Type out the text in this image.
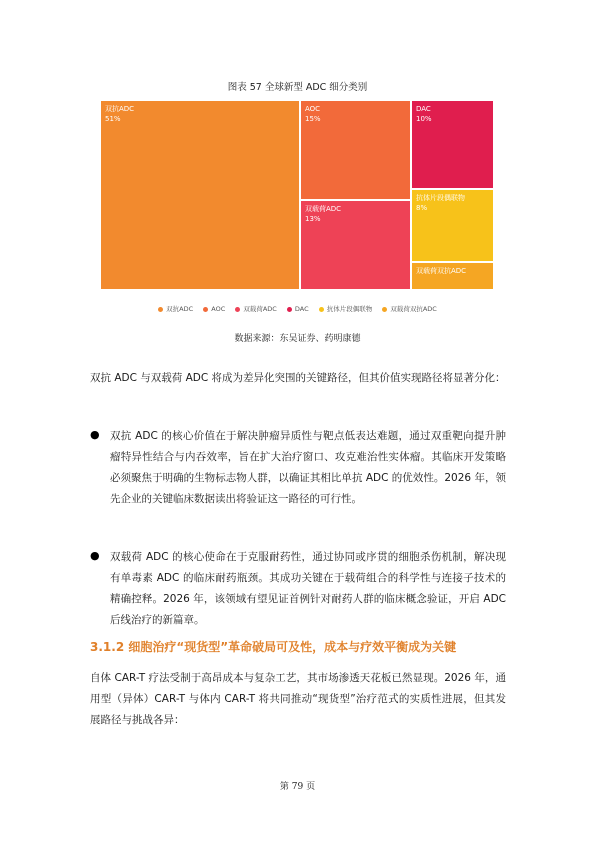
图表 57 全球新型 ADC 细分类别
双抗ADC
51%
AOC
15%
双载荷ADC
13%
DAC
10%
抗体片段偶联物
8%
双载荷双抗ADC
双抗ADC	AOC	双载荷ADC	DAC	抗体片段偶联物	双载荷双抗ADC
数据来源：东吴证券、药明康德
双抗 ADC 与双载荷 ADC 将成为差异化突围的关键路径，但其价值实现路径将显著分化：
● 双抗 ADC 的核心价值在于解决肿瘤异质性与靶点低表达难题，通过双重靶向提升肿瘤特异性结合与内吞效率，旨在扩大治疗窗口、攻克难治性实体瘤。其临床开发策略必须聚焦于明确的生物标志物人群，以确证其相比单抗 ADC 的优效性。2026 年，领先企业的关键临床数据读出将验证这一路径的可行性。
● 双载荷 ADC 的核心使命在于克服耐药性，通过协同或序贯的细胞杀伤机制，解决现有单毒素 ADC 的临床耐药瓶颈。其成功关键在于载荷组合的科学性与连接子技术的精确控释。2026 年，该领域有望见证首例针对耐药人群的临床概念验证，开启 ADC 后线治疗的新篇章。
3.1.2 细胞治疗“现货型”革命破局可及性，成本与疗效平衡成为关键
自体 CAR-T 疗法受制于高昂成本与复杂工艺，其市场渗透天花板已然显现。2026 年，通用型（异体）CAR-T 与体内 CAR-T 将共同推动“现货型”治疗范式的实质性进展，但其发展路径与挑战各异：
第 79 页
